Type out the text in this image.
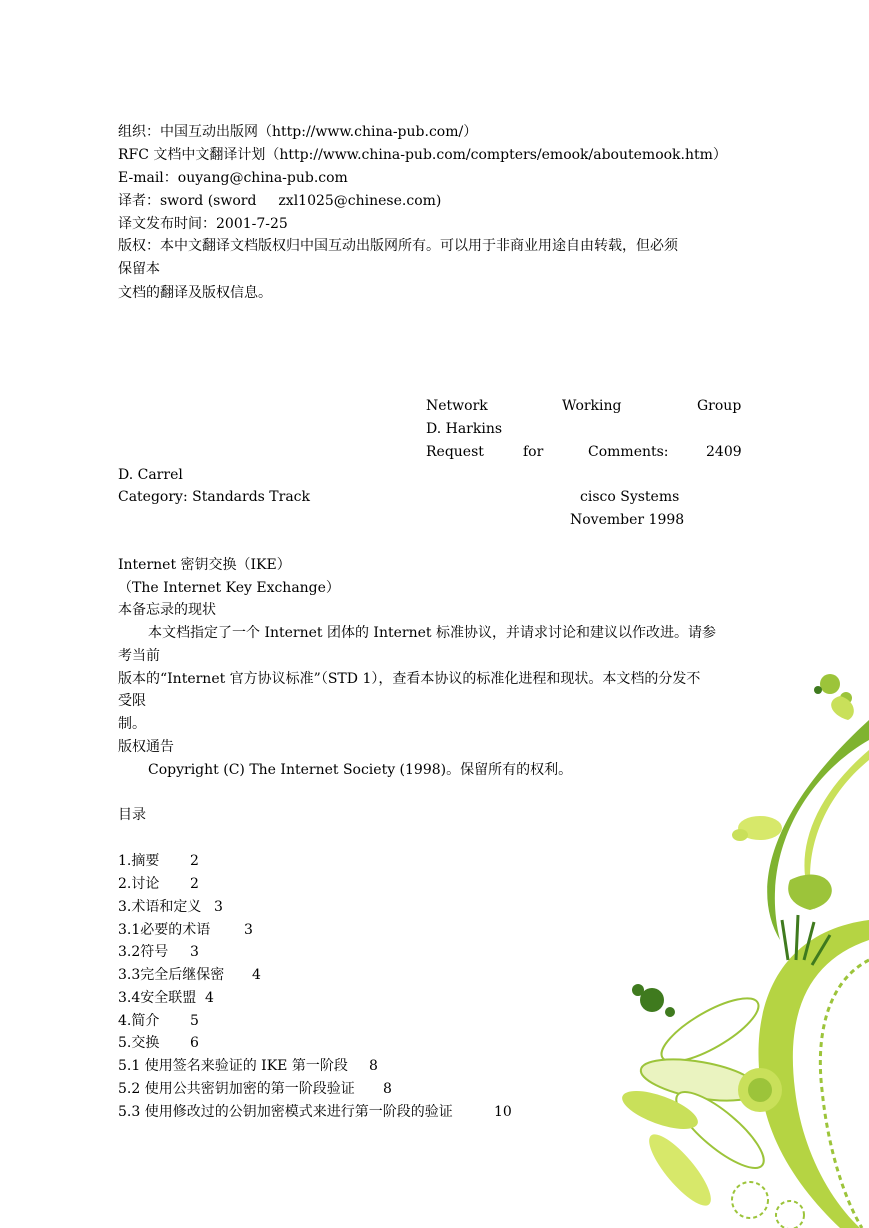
组织：中国互动出版网（http://www.china-pub.com/）
RFC 文档中文翻译计划（http://www.china-pub.com/compters/emook/aboutemook.htm）
E-mail：ouyang@china-pub.com
译者：sword (sword zxl1025@chinese.com)
译文发布时间：2001-7-25
版权：本中文翻译文档版权归中国互动出版网所有。可以用于非商业用途自由转载，但必须
保留本
文档的翻译及版权信息。
Network	Working	Group
D. Harkins
Request	for	Comments:	2409
D. Carrel
Category: Standards Track	cisco Systems
November 1998
Internet 密钥交换（IKE）
（The Internet Key Exchange）
本备忘录的现状
本文档指定了一个 Internet 团体的 Internet 标准协议，并请求讨论和建议以作改进。请参
考当前
版本的“Internet 官方协议标准”（STD 1），查看本协议的标准化进程和现状。本文档的分发不
受限
制。
版权通告
Copyright (C) The Internet Society (1998)。保留所有的权利。
目录
1.摘要 2
2.讨论 2
3.术语和定义 3
3.1必要的术语 3
3.2符号 3
3.3完全后继保密 4
3.4安全联盟 4
4.简介 5
5.交换 6
5.1 使用签名来验证的 IKE 第一阶段 8
5.2 使用公共密钥加密的第一阶段验证 8
5.3 使用修改过的公钥加密模式来进行第一阶段的验证	10
